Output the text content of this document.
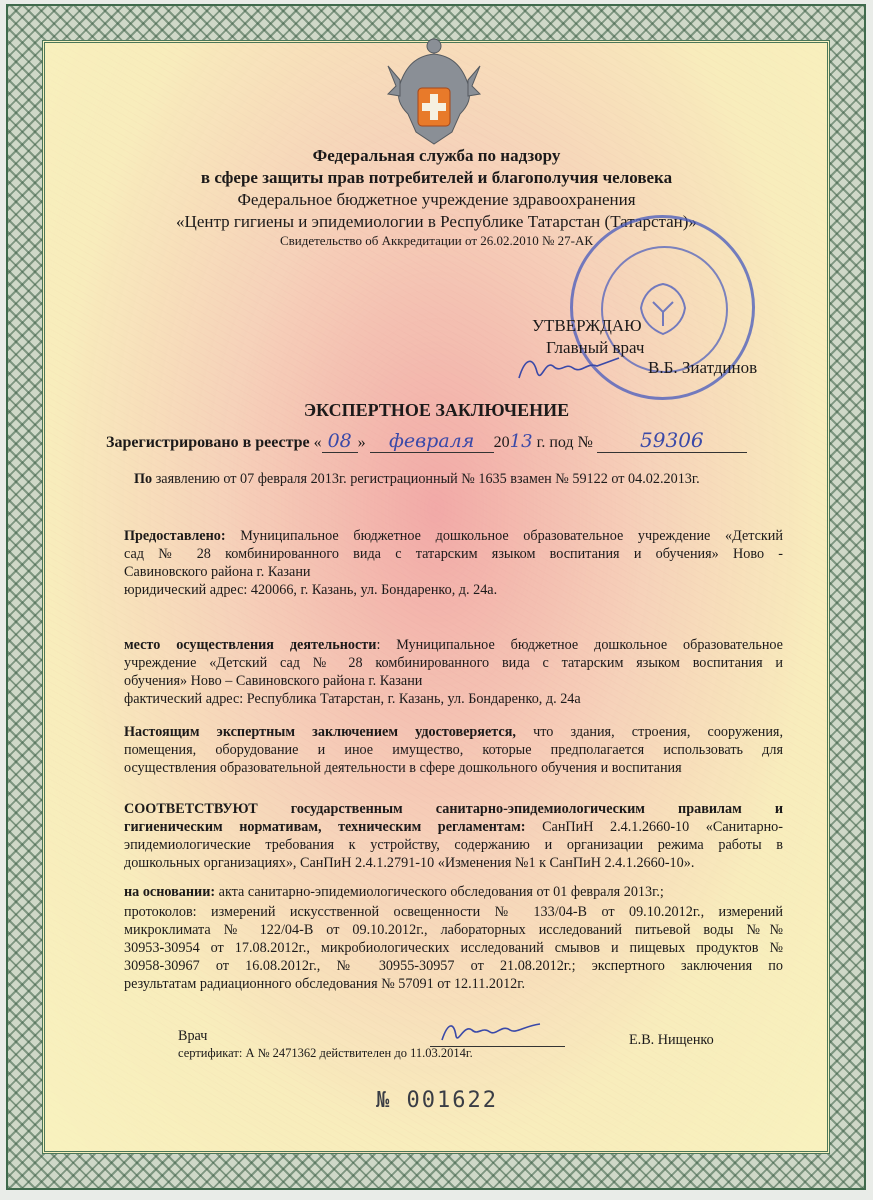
Федеральная служба по надзору
в сфере защиты прав потребителей и благополучия человека
Федеральное бюджетное учреждение здравоохранения
«Центр гигиены и эпидемиологии в Республике Татарстан (Татарстан)»
Свидетельство об Аккредитации от 26.02.2010 № 27-АК
УТВЕРЖДАЮ
Главный врач
В.Б. Зиатдинов
ЭКСПЕРТНОЕ ЗАКЛЮЧЕНИЕ
Зарегистрировано в реестре « 08 » февраля 2013 г. под № 59306
По заявлению от 07 февраля 2013г. регистрационный № 1635 взамен № 59122 от 04.02.2013г.
Предоставлено: Муниципальное бюджетное дошкольное образовательное учреждение «Детский
сад № 28 комбинированного вида с татарским языком воспитания и обучения» Ново -
Савиновского района г. Казани
юридический адрес: 420066, г. Казань, ул. Бондаренко, д. 24а.
место осуществления деятельности: Муниципальное бюджетное дошкольное образовательное
учреждение «Детский сад № 28 комбинированного вида с татарским языком воспитания и
обучения» Ново – Савиновского района г. Казани
фактический адрес: Республика Татарстан, г. Казань, ул. Бондаренко, д. 24а
Настоящим экспертным заключением удостоверяется, что здания, строения, сооружения,
помещения, оборудование и иное имущество, которые предполагается использовать для
осуществления образовательной деятельности в сфере дошкольного обучения и воспитания
СООТВЕТСТВУЮТ государственным санитарно-эпидемиологическим правилам и
гигиеническим нормативам, техническим регламентам: СанПиН 2.4.1.2660-10 «Санитарно-
эпидемиологические требования к устройству, содержанию и организации режима работы в
дошкольных организациях», СанПиН 2.4.1.2791-10 «Изменения №1 к СанПиН 2.4.1.2660-10».
на основании: акта санитарно-эпидемиологического обследования от 01 февраля 2013г.;
протоколов: измерений искусственной освещенности № 133/04-В от 09.10.2012г., измерений
микроклимата № 122/04-В от 09.10.2012г., лабораторных исследований питьевой воды №№
30953-30954 от 17.08.2012г., микробиологических исследований смывов и пищевых продуктов №
30958-30967 от 16.08.2012г., № 30955-30957 от 21.08.2012г.; экспертного заключения по
результатам радиационного обследования № 57091 от 12.11.2012г.
Врач
сертификат: А № 2471362 действителен до 11.03.2014г.
Е.В. Нищенко
№ 001622
